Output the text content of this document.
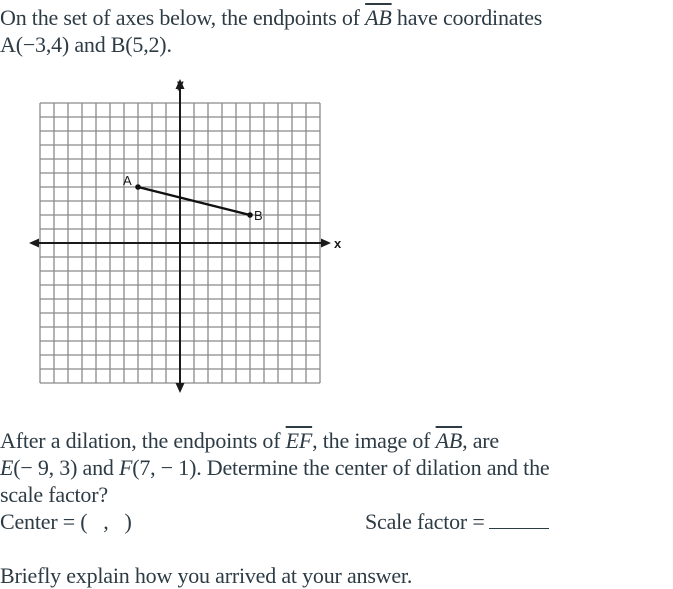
On the set of axes below, the endpoints of $\overline{AB}$ have coordinates
A(−3,4) and B(5,2).
y
x
A
B
After a dilation, the endpoints of $\overline{EF}$, the image of $\overline{AB}$, are
E(− 9, 3) and F(7, − 1). Determine the center of dilation and the
scale factor?
Center = (   ,   )	Scale factor =
Briefly explain how you arrived at your answer.
